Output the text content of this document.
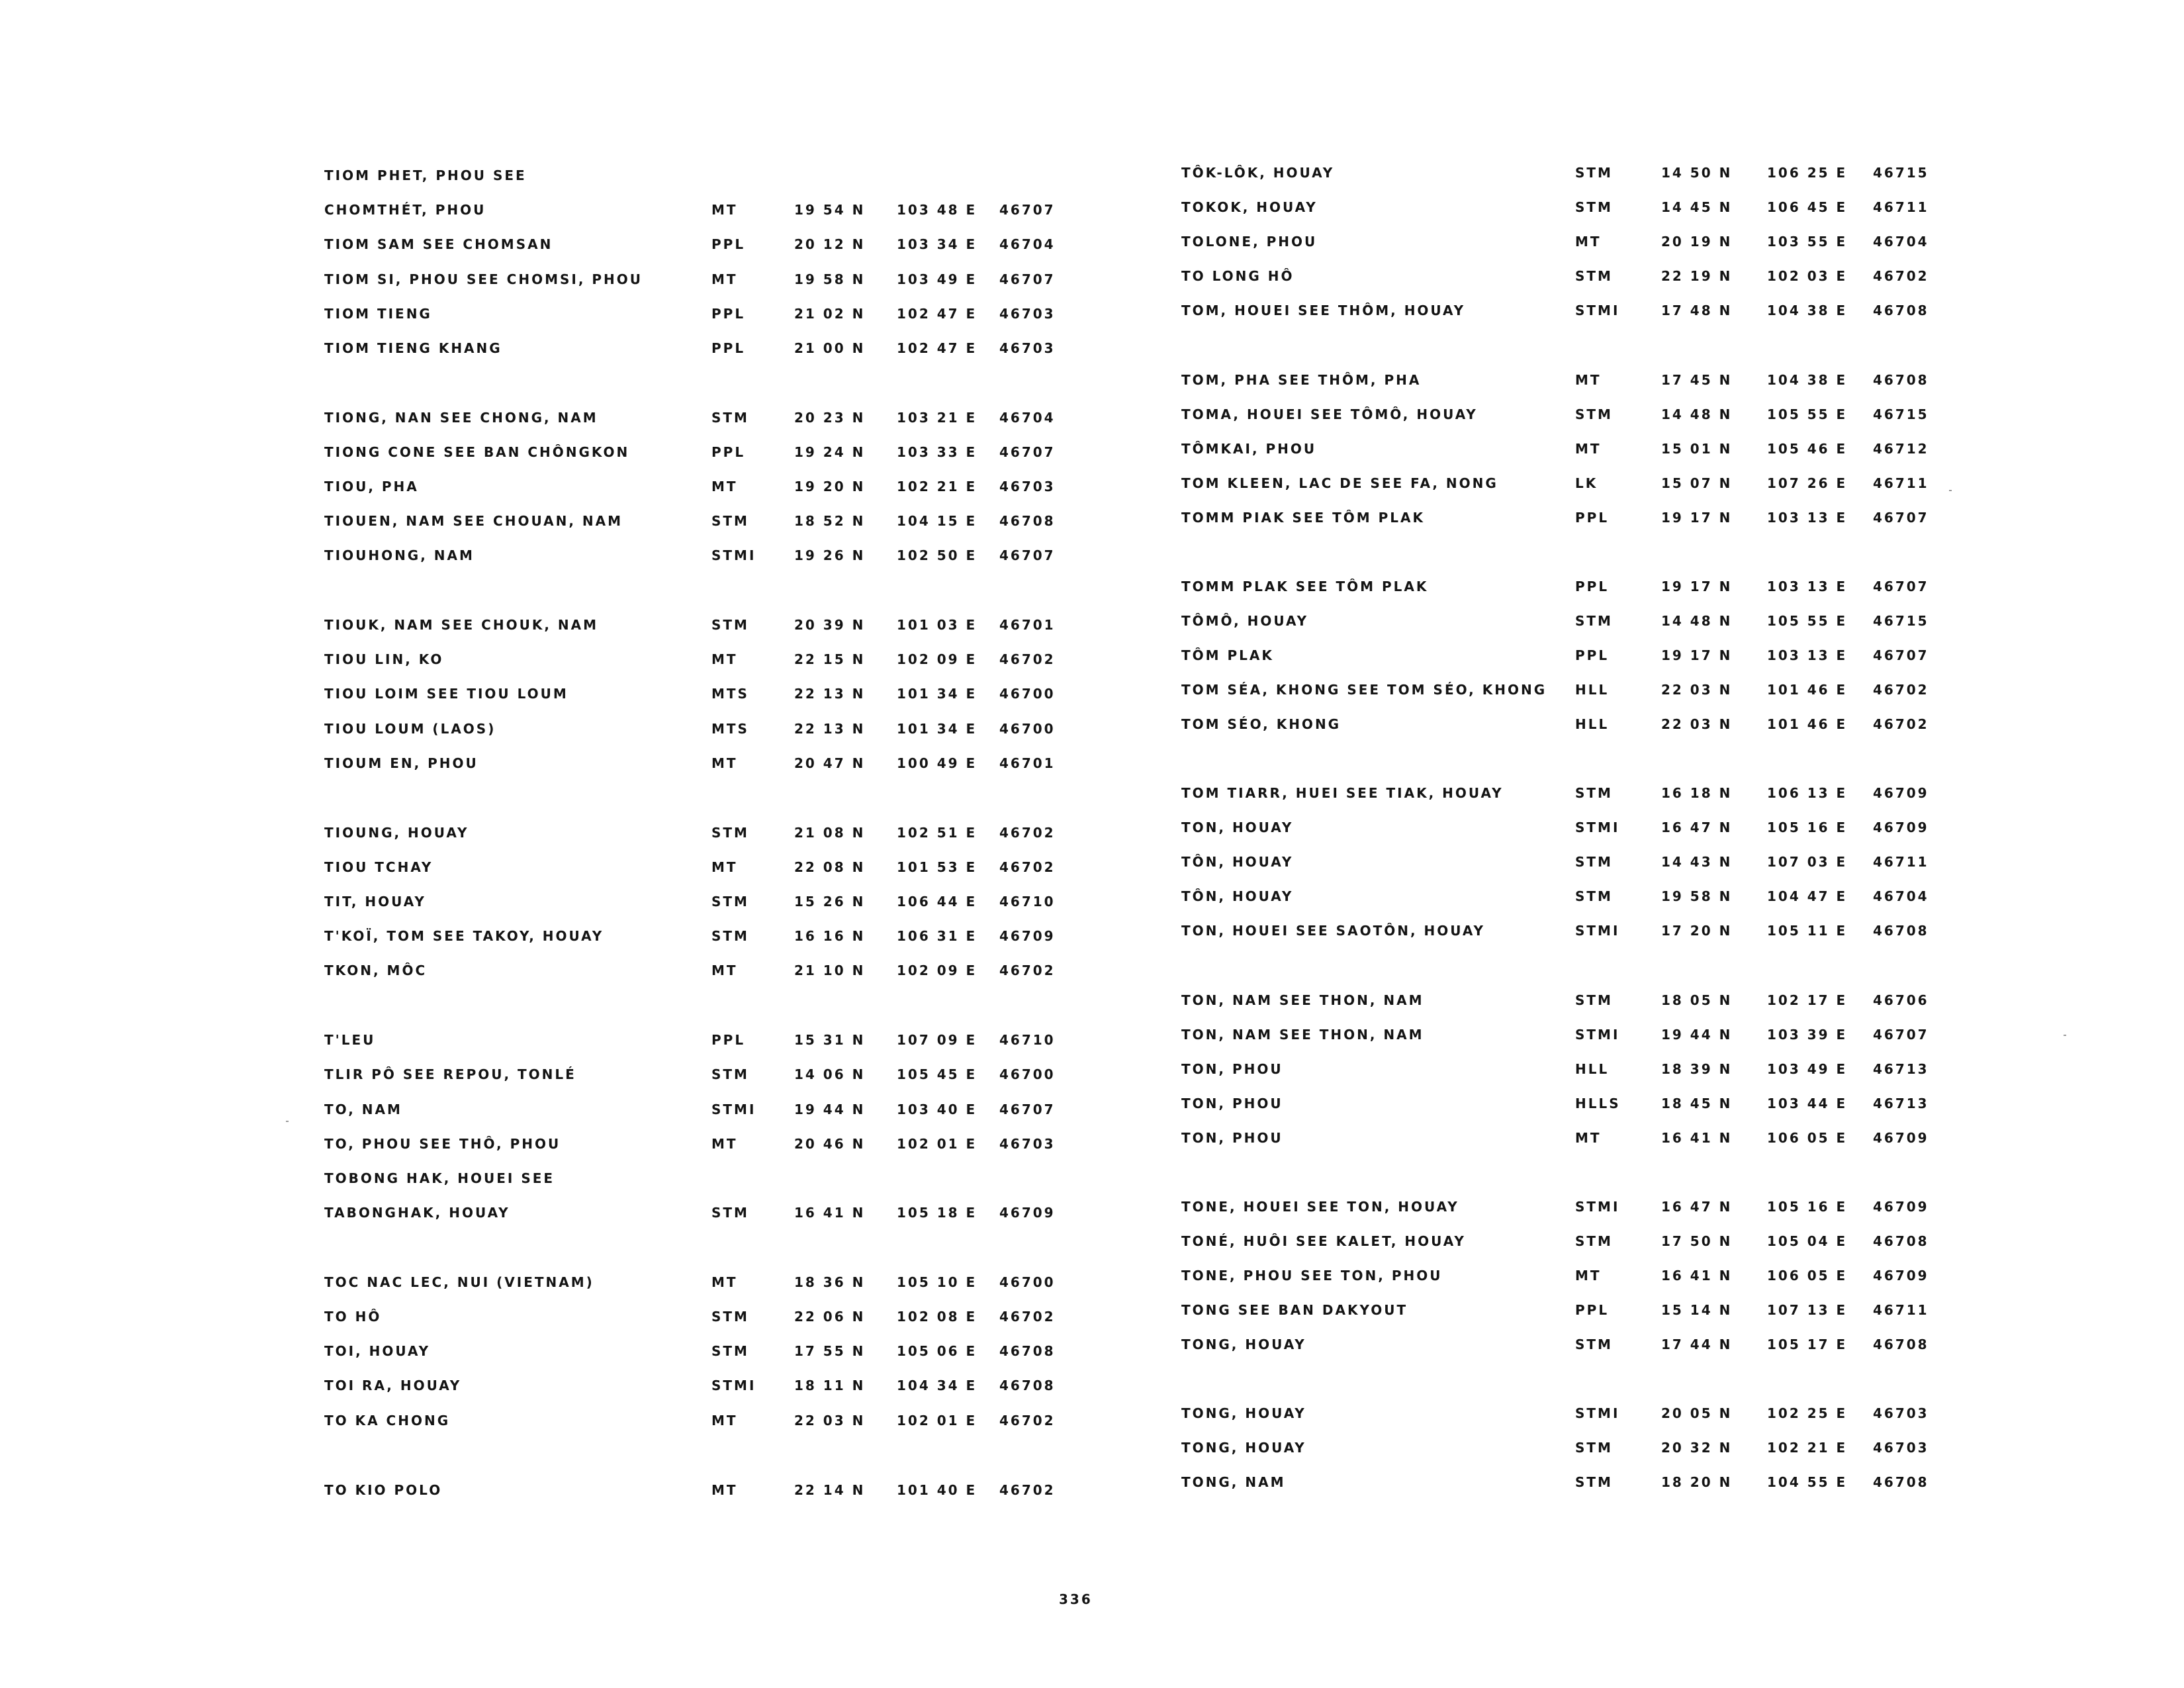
TIOM PHET, PHOU SEE
CHOMTHÉT, PHOU	MT	19 54 N 103 48 E 46707
TIOM SAM SEE CHOMSAN	PPL	20 12 N 103 34 E 46704
TIOM SI, PHOU SEE CHOMSI, PHOU	MT	19 58 N 103 49 E 46707
TIOM TIENG	PPL	21 02 N 102 47 E 46703
TIOM TIENG KHANG	PPL	21 00 N 102 47 E 46703
TIONG, NAN SEE CHONG, NAM	STM	20 23 N 103 21 E 46704
TIONG CONE SEE BAN CHÔNGKON	PPL	19 24 N 103 33 E 46707
TIOU, PHA	MT	19 20 N 102 21 E 46703
TIOUEN, NAM SEE CHOUAN, NAM	STM	18 52 N 104 15 E 46708
TIOUHONG, NAM	STMI	19 26 N 102 50 E 46707
TIOUK, NAM SEE CHOUK, NAM	STM	20 39 N 101 03 E 46701
TIOU LIN, KO	MT	22 15 N 102 09 E 46702
TIOU LOIM SEE TIOU LOUM	MTS	22 13 N 101 34 E 46700
TIOU LOUM (LAOS)	MTS	22 13 N 101 34 E 46700
TIOUM EN, PHOU	MT	20 47 N 100 49 E 46701
TIOUNG, HOUAY	STM	21 08 N 102 51 E 46702
TIOU TCHAY	MT	22 08 N 101 53 E 46702
TIT, HOUAY	STM	15 26 N 106 44 E 46710
T'KOÏ, TOM SEE TAKOY, HOUAY	STM	16 16 N 106 31 E 46709
TKON, MÔC	MT	21 10 N 102 09 E 46702
T'LEU	PPL	15 31 N 107 09 E 46710
TLIR PÔ SEE REPOU, TONLÉ	STM	14 06 N 105 45 E 46700
TO, NAM	STMI	19 44 N 103 40 E 46707
TO, PHOU SEE THÔ, PHOU	MT	20 46 N 102 01 E 46703
TOBONG HAK, HOUEI SEE
TABONGHAK, HOUAY	STM	16 41 N 105 18 E 46709
TOC NAC LEC, NUI (VIETNAM)	MT	18 36 N 105 10 E 46700
TO HÔ	STM	22 06 N 102 08 E 46702
TOI, HOUAY	STM	17 55 N 105 06 E 46708
TOI RA, HOUAY	STMI	18 11 N 104 34 E 46708
TO KA CHONG	MT	22 03 N 102 01 E 46702
TO KIO POLO	MT	22 14 N 101 40 E 46702
TÔK-LÔK, HOUAY	STM	14 50 N	106 25 E 46715
TOKOK, HOUAY	STM	14 45 N	106 45 E 46711
TOLONE, PHOU	MT	20 19 N	103 55 E 46704
TO LONG HÔ	STM	22 19 N	102 03 E 46702
TOM, HOUEI SEE THÔM, HOUAY	STMI	17 48 N	104 38 E 46708
TOM, PHA SEE THÔM, PHA	MT	17 45 N	104 38 E 46708
TOMA, HOUEI SEE TÔMÔ, HOUAY	STM	14 48 N	105 55 E 46715
TÔMKAI, PHOU	MT	15 01 N	105 46 E 46712
TOM KLEEN, LAC DE SEE FA, NONG	LK	15 07 N	107 26 E 46711
TOMM PIAK SEE TÔM PLAK	PPL	19 17 N	103 13 E 46707
TOMM PLAK SEE TÔM PLAK	PPL	19 17 N	103 13 E 46707
TÔMÔ, HOUAY	STM	14 48 N	105 55 E 46715
TÔM PLAK	PPL	19 17 N	103 13 E 46707
TOM SÉA, KHONG SEE TOM SÉO, KHONG HLL	22 03 N	101 46 E 46702
TOM SÉO, KHONG	HLL	22 03 N	101 46 E 46702
TOM TIARR, HUEI SEE TIAK, HOUAY	STM	16 18 N	106 13 E 46709
TON, HOUAY	STMI	16 47 N	105 16 E 46709
TÔN, HOUAY	STM	14 43 N	107 03 E 46711
TÔN, HOUAY	STM	19 58 N	104 47 E 46704
TON, HOUEI SEE SAOTÔN, HOUAY	STMI	17 20 N	105 11 E 46708
TON, NAM SEE THON, NAM	STM	18 05 N	102 17 E 46706
TON, NAM SEE THON, NAM	STMI	19 44 N	103 39 E 46707
TON, PHOU	HLL	18 39 N	103 49 E 46713
TON, PHOU	HLLS	18 45 N	103 44 E 46713
TON, PHOU	MT	16 41 N	106 05 E 46709
TONE, HOUEI SEE TON, HOUAY	STMI	16 47 N	105 16 E 46709
TONÉ, HUÔI SEE KALET, HOUAY	STM	17 50 N	105 04 E 46708
TONE, PHOU SEE TON, PHOU	MT	16 41 N	106 05 E 46709
TONG SEE BAN DAKYOUT	PPL	15 14 N	107 13 E 46711
TONG, HOUAY	STM	17 44 N	105 17 E 46708
TONG, HOUAY	STMI	20 05 N	102 25 E 46703
TONG, HOUAY	STM	20 32 N	102 21 E 46703
TONG, NAM	STM	18 20 N	104 55 E 46708
336
